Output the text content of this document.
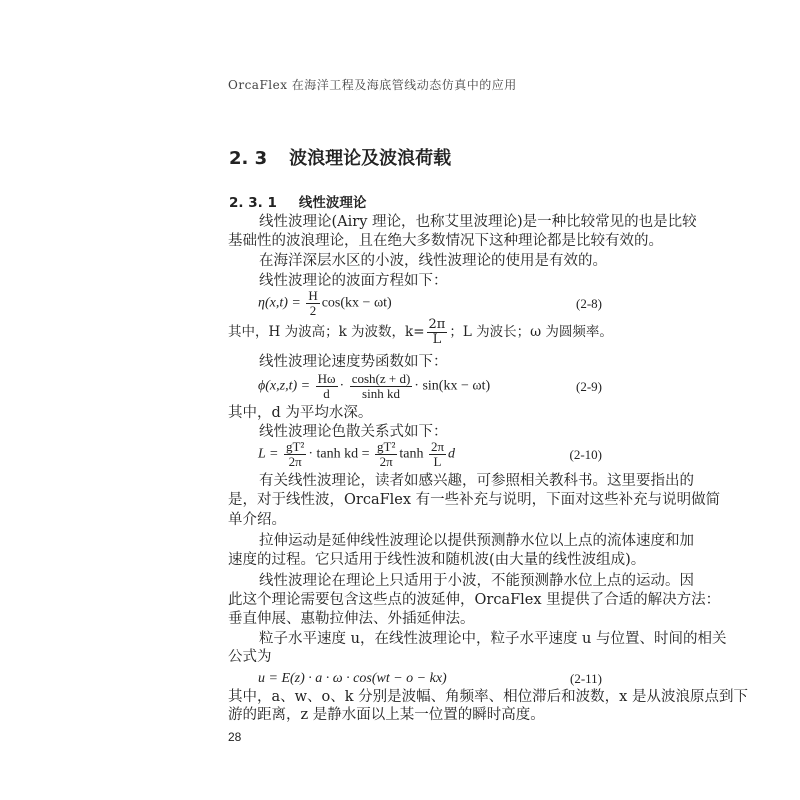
OrcaFlex 在海洋工程及海底管线动态仿真中的应用
2. 3 波浪理论及波浪荷载
2. 3. 1 线性波理论
线性波理论(Airy 理论，也称艾里波理论)是一种比较常见的也是比较
基础性的波浪理论，且在绝大多数情况下这种理论都是比较有效的。
在海洋深层水区的小波，线性波理论的使用是有效的。
线性波理论的波面方程如下：
$\eta(x,t) = \frac{H}{2} \cos(kx - \omega t)$	(2-8)
其中，H 为波高；k 为波数，$k= \frac{2\pi}{L}$ ；L 为波长；ω 为圆频率。
线性波理论速度势函数如下：
$\phi(x,z,t) = \frac{H\omega}{d} \cdot \frac{\cosh(z + d)}{\text{sinh kd}} \cdot \sin(kx - \omega t)$	(2-9)
其中，d 为平均水深。
线性波理论色散关系式如下：
$L = \frac{\text{gT²}}{2\pi} \cdot \tanh$ kd = $\frac{\text{gT²}}{2\pi}$ $\tanh \frac{2\pi}{L}$ d	(2-10)
有关线性波理论，读者如感兴趣，可参照相关教科书。这里要指出的
是，对于线性波，OrcaFlex 有一些补充与说明，下面对这些补充与说明做简
单介绍。
拉伸运动是延伸线性波理论以提供预测静水位以上点的流体速度和加
速度的过程。它只适用于线性波和随机波(由大量的线性波组成)。
线性波理论在理论上只适用于小波，不能预测静水位上点的运动。因
此这个理论需要包含这些点的波延伸，OrcaFlex 里提供了合适的解决方法：
垂直伸展、惠勒拉伸法、外插延伸法。
粒子水平速度 u，在线性波理论中，粒子水平速度 u 与位置、时间的相关
公式为
u = E(z) · a · ω · cos(wt − o − kx)	(2-11)
其中，a、w、o、k 分别是波幅、角频率、相位滞后和波数，x 是从波浪原点到下
游的距离，z 是静水面以上某一位置的瞬时高度。
28
